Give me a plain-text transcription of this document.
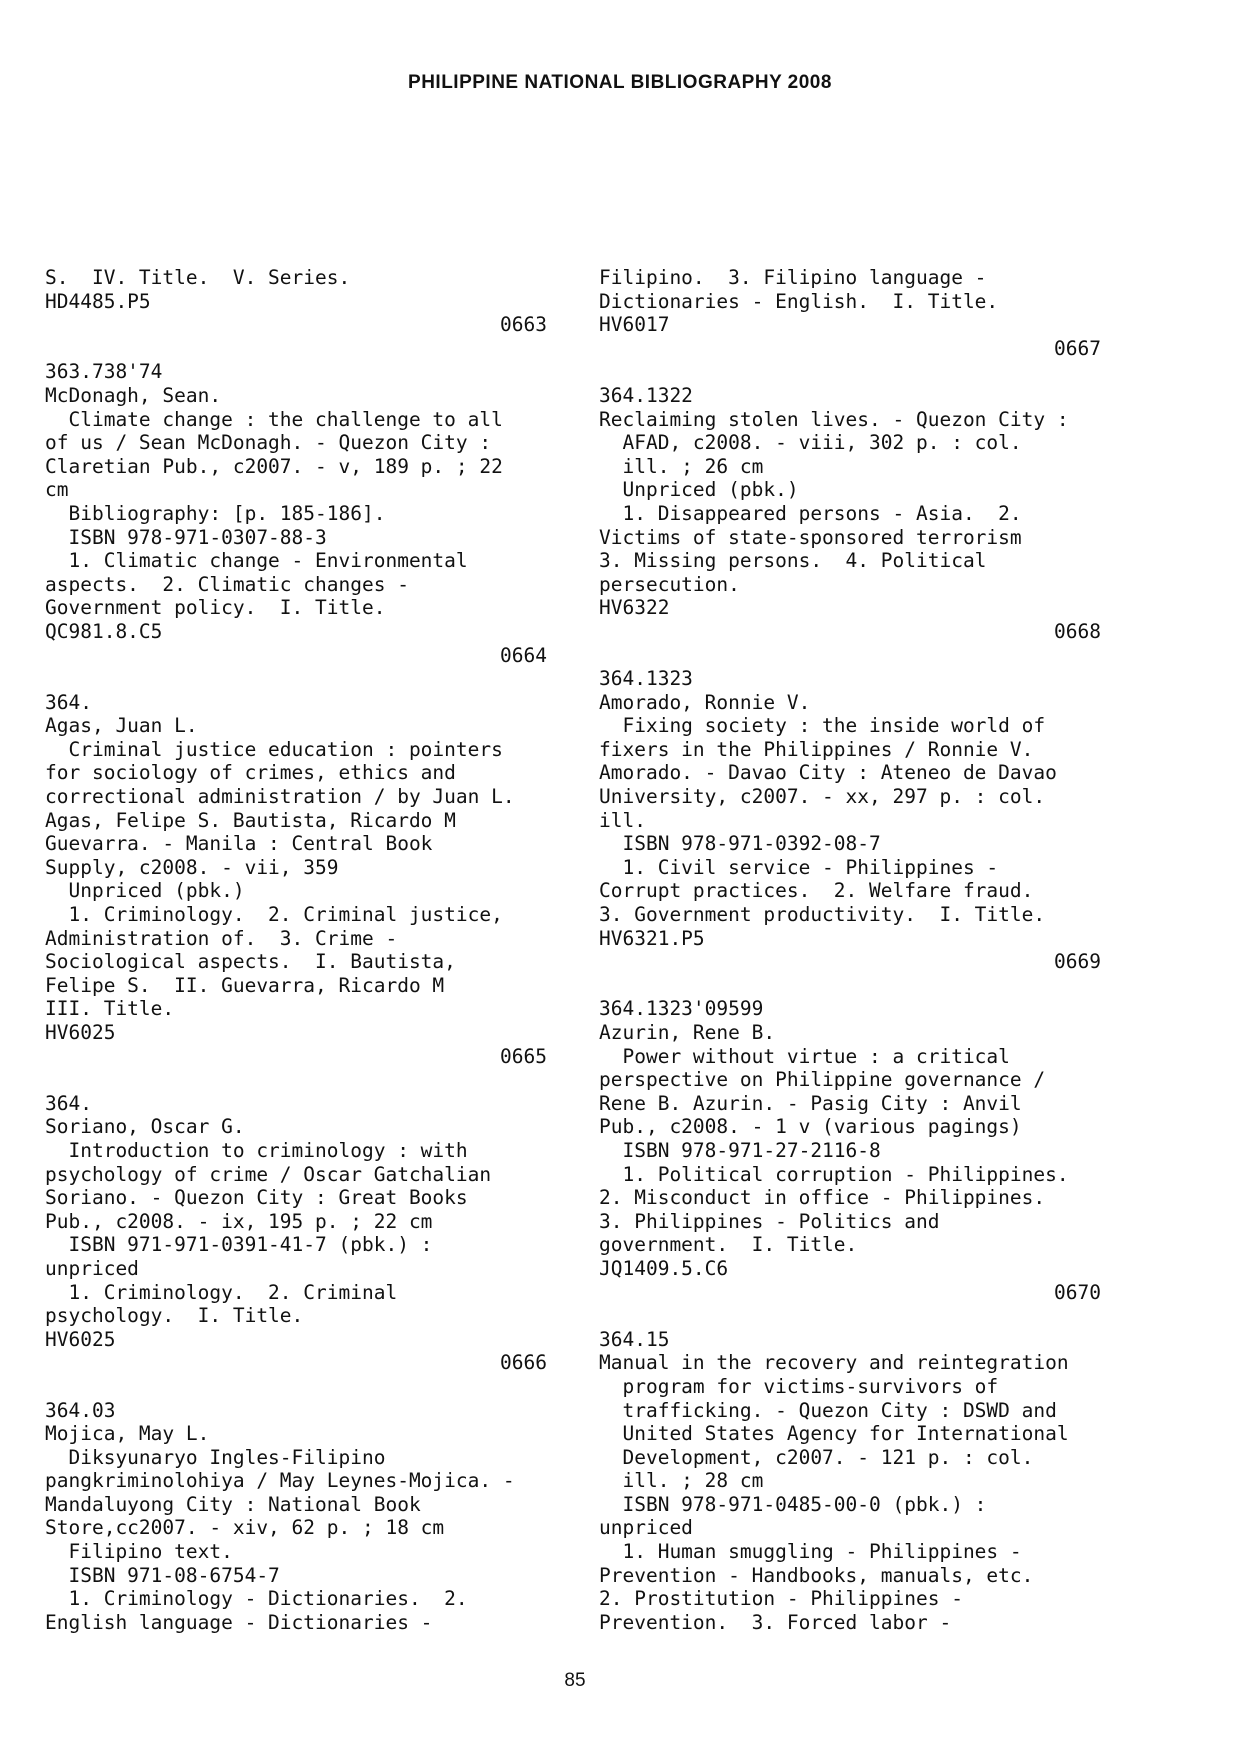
PHILIPPINE NATIONAL BIBLIOGRAPHY 2008
S.  IV. Title.  V. Series.
HD4485.P5
0663
363.738'74
McDonagh, Sean.
Climate change : the challenge to all
of us / Sean McDonagh. - Quezon City :
Claretian Pub., c2007. - v, 189 p. ; 22
cm
Bibliography: [p. 185-186].
ISBN 978-971-0307-88-3
1. Climatic change - Environmental
aspects.  2. Climatic changes -
Government policy.  I. Title.
QC981.8.C5
0664
364.
Agas, Juan L.
Criminal justice education : pointers
for sociology of crimes, ethics and
correctional administration / by Juan L.
Agas, Felipe S. Bautista, Ricardo M
Guevarra. - Manila : Central Book
Supply, c2008. - vii, 359
Unpriced (pbk.)
1. Criminology.  2. Criminal justice,
Administration of.  3. Crime -
Sociological aspects.  I. Bautista,
Felipe S.  II. Guevarra, Ricardo M
III. Title.
HV6025
0665
364.
Soriano, Oscar G.
Introduction to criminology : with
psychology of crime / Oscar Gatchalian
Soriano. - Quezon City : Great Books
Pub., c2008. - ix, 195 p. ; 22 cm
ISBN 971-971-0391-41-7 (pbk.) :
unpriced
1. Criminology.  2. Criminal
psychology.  I. Title.
HV6025
0666
364.03
Mojica, May L.
Diksyunaryo Ingles-Filipino
pangkriminolohiya / May Leynes-Mojica. -
Mandaluyong City : National Book
Store,cc2007. - xiv, 62 p. ; 18 cm
Filipino text.
ISBN 971-08-6754-7
1. Criminology - Dictionaries.  2.
English language - Dictionaries -
Filipino.  3. Filipino language -
Dictionaries - English.  I. Title.
HV6017
0667
364.1322
Reclaiming stolen lives. - Quezon City :
AFAD, c2008. - viii, 302 p. : col.
ill. ; 26 cm
Unpriced (pbk.)
1. Disappeared persons - Asia.  2.
Victims of state-sponsored terrorism
3. Missing persons.  4. Political
persecution.
HV6322
0668
364.1323
Amorado, Ronnie V.
Fixing society : the inside world of
fixers in the Philippines / Ronnie V.
Amorado. - Davao City : Ateneo de Davao
University, c2007. - xx, 297 p. : col.
ill.
ISBN 978-971-0392-08-7
1. Civil service - Philippines -
Corrupt practices.  2. Welfare fraud.
3. Government productivity.  I. Title.
HV6321.P5
0669
364.1323'09599
Azurin, Rene B.
Power without virtue : a critical
perspective on Philippine governance /
Rene B. Azurin. - Pasig City : Anvil
Pub., c2008. - 1 v (various pagings)
ISBN 978-971-27-2116-8
1. Political corruption - Philippines.
2. Misconduct in office - Philippines.
3. Philippines - Politics and
government.  I. Title.
JQ1409.5.C6
0670
364.15
Manual in the recovery and reintegration
program for victims-survivors of
trafficking. - Quezon City : DSWD and
United States Agency for International
Development, c2007. - 121 p. : col.
ill. ; 28 cm
ISBN 978-971-0485-00-0 (pbk.) :
unpriced
1. Human smuggling - Philippines -
Prevention - Handbooks, manuals, etc.
2. Prostitution - Philippines -
Prevention.  3. Forced labor -
85
